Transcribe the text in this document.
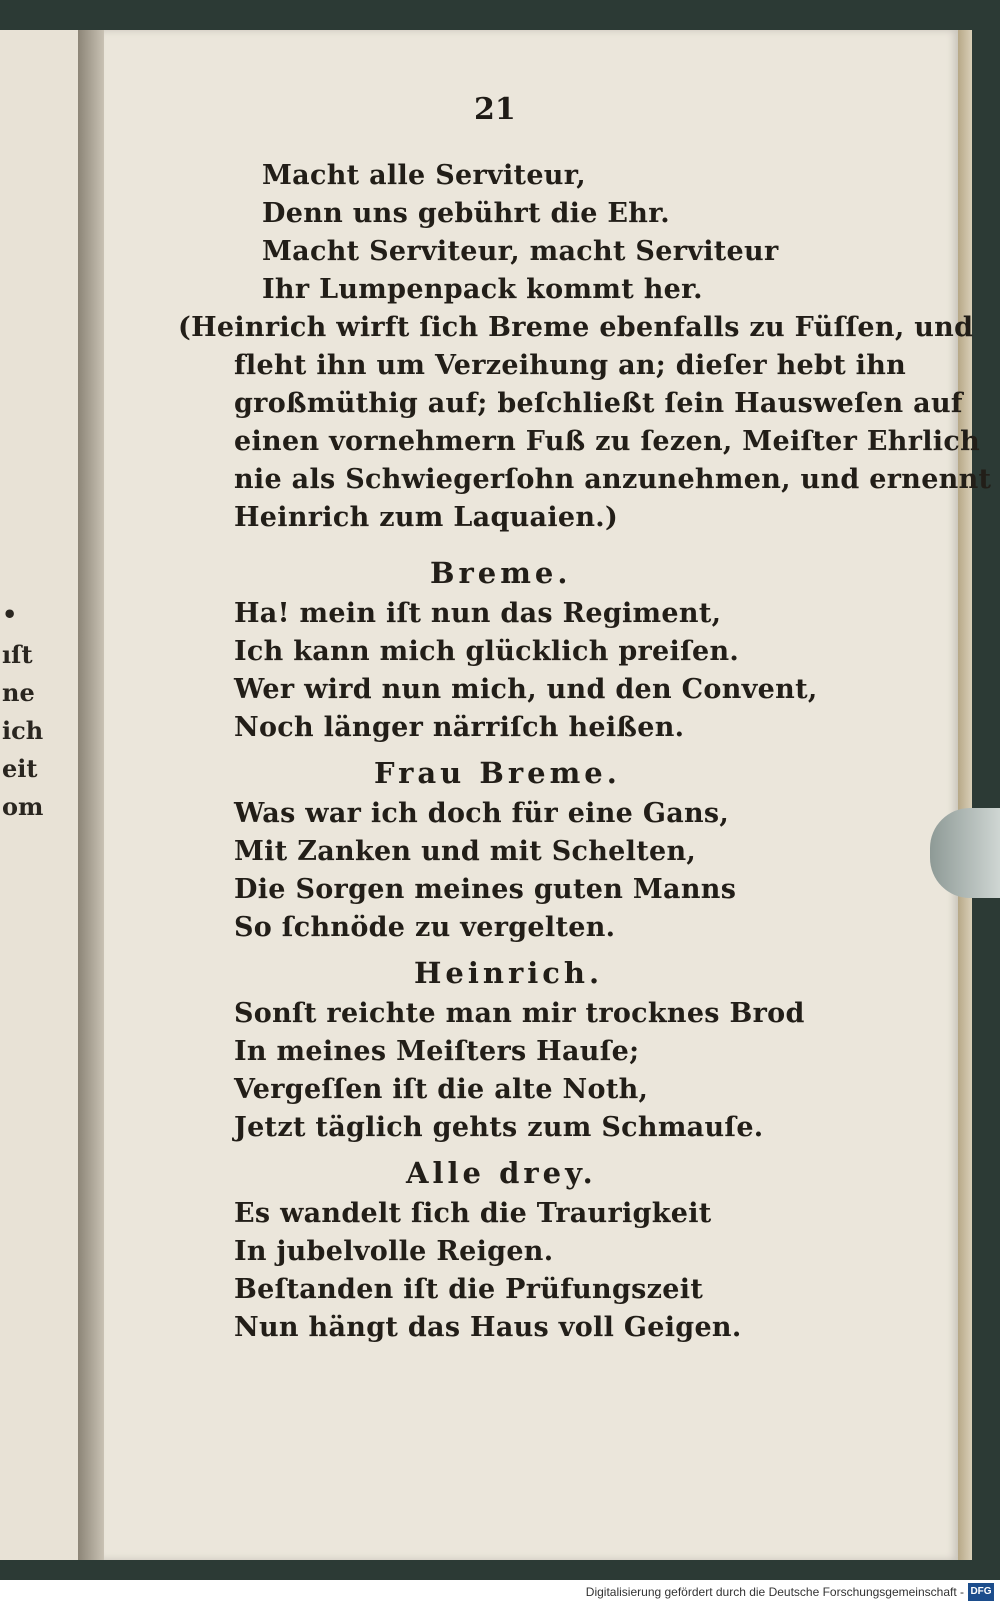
•
ıſt
ne
ich
eit
om
21
Macht alle Serviteur,
Denn uns gebührt die Ehr.
Macht Serviteur, macht Serviteur
Ihr Lumpenpack kommt her.
(Heinrich wirft ſich Breme ebenfalls zu Füſſen, und
fleht ihn um Verzeihung an; dieſer hebt ihn
großmüthig auf; beſchließt ſein Hausweſen auf
einen vornehmern Fuß zu ſezen, Meiſter Ehrlich
nie als Schwiegerſohn anzunehmen, und ernennt
Heinrich zum Laquaien.)
Breme.
Ha! mein iſt nun das Regiment,
Ich kann mich glücklich preiſen.
Wer wird nun mich, und den Convent,
Noch länger närriſch heißen.
Frau Breme.
Was war ich doch für eine Gans,
Mit Zanken und mit Schelten,
Die Sorgen meines guten Manns
So ſchnöde zu vergelten.
Heinrich.
Sonſt reichte man mir trocknes Brod
In meines Meiſters Hauſe;
Vergeſſen iſt die alte Noth,
Jetzt täglich gehts zum Schmauſe.
Alle drey.
Es wandelt ſich die Traurigkeit
In jubelvolle Reigen.
Beſtanden iſt die Prüfungszeit
Nun hängt das Haus voll Geigen.
Digitalisierung gefördert durch die Deutsche Forschungsgemeinschaft - DFG
